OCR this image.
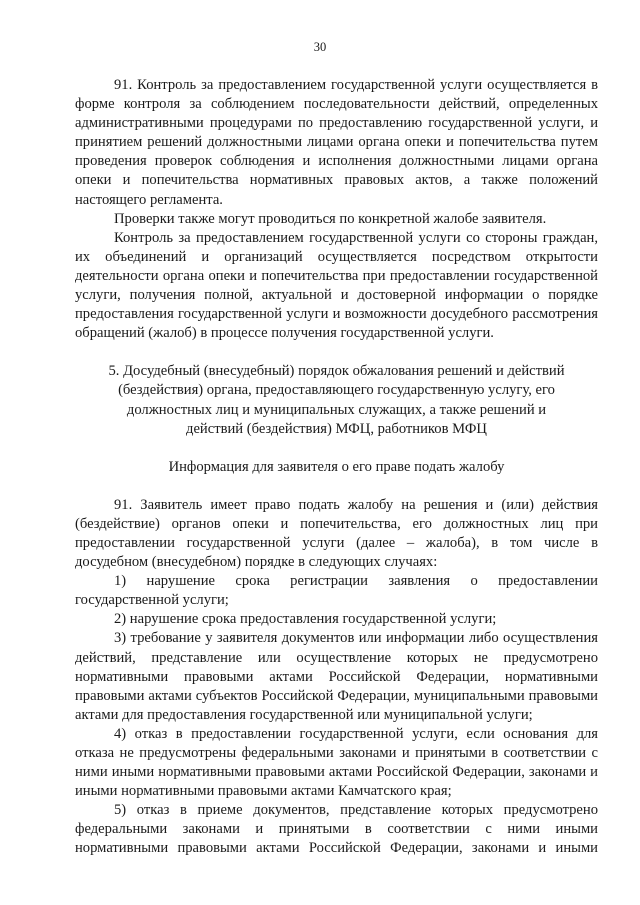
30

91. Контроль за предоставлением государственной услуги осуществляется в форме контроля за соблюдением последовательности действий, определенных административными процедурами по предоставлению государственной услуги, и принятием решений должностными лицами органа опеки и попечительства путем проведения проверок соблюдения и исполнения должностными лицами органа опеки и попечительства нормативных правовых актов, а также положений настоящего регламента.

Проверки также могут проводиться по конкретной жалобе заявителя.

Контроль за предоставлением государственной услуги со стороны граждан, их объединений и организаций осуществляется посредством открытости деятельности органа опеки и попечительства при предоставлении государственной услуги, получения полной, актуальной и достоверной информации о порядке предоставления государственной услуги и возможности досудебного рассмотрения обращений (жалоб) в процессе получения государственной услуги.

5. Досудебный (внесудебный) порядок обжалования решений и действий (бездействия) органа, предоставляющего государственную услугу, его должностных лиц и муниципальных служащих, а также решений и действий (бездействия) МФЦ, работников МФЦ

Информация для заявителя о его праве подать жалобу

91. Заявитель имеет право подать жалобу на решения и (или) действия (бездействие) органов опеки и попечительства, его должностных лиц при предоставлении государственной услуги (далее – жалоба), в том числе в досудебном (внесудебном) порядке в следующих случаях:

1) нарушение срока регистрации заявления о предоставлении государственной услуги;

2) нарушение срока предоставления государственной услуги;

3) требование у заявителя документов или информации либо осуществления действий, представление или осуществление которых не предусмотрено нормативными правовыми актами Российской Федерации, нормативными правовыми актами субъектов Российской Федерации, муниципальными правовыми актами для предоставления государственной или муниципальной услуги;

4) отказ в предоставлении государственной услуги, если основания для отказа не предусмотрены федеральными законами и принятыми в соответствии с ними иными нормативными правовыми актами Российской Федерации, законами и иными нормативными правовыми актами Камчатского края;

5) отказ в приеме документов, представление которых предусмотрено федеральными законами и принятыми в соответствии с ними иными нормативными правовыми актами Российской Федерации, законами и иными
